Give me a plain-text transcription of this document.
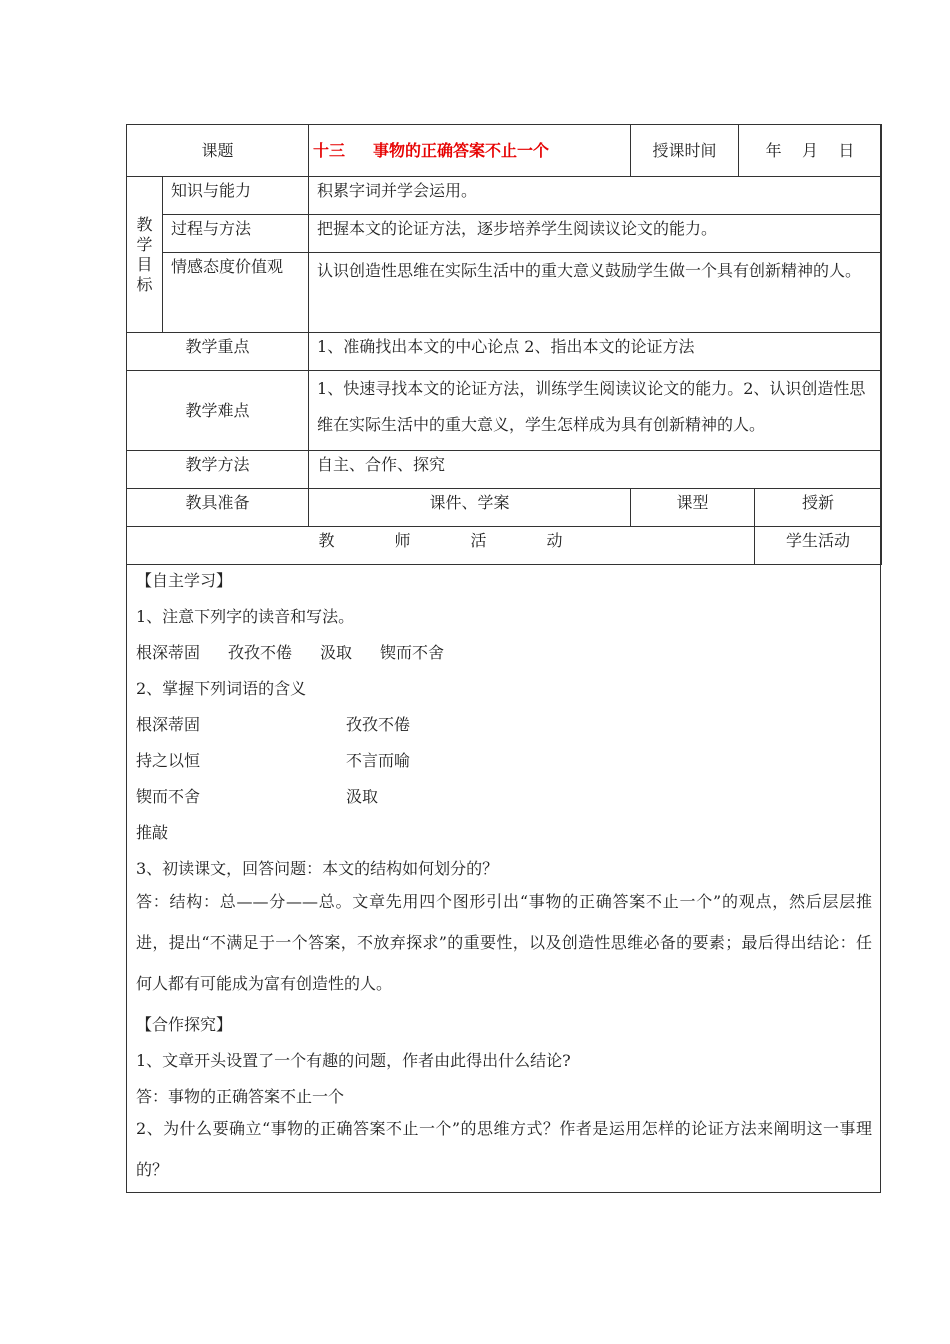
课题		十三 事物的正确答案不止一个	授课时间	年    月    日	

教
学
目
标	知识与能力	积累字词并学会运用。			
	过程与方法	把握本文的论证方法，逐步培养学生阅读议论文的能力。			
	情感态度价值观	认识创造性思维在实际生活中的重大意义鼓励学生做一个具有创新精神的人。			
教学重点		1、准确找出本文的中心论点 2、指出本文的论证方法			
教学难点		1、快速寻找本文的论证方法，训练学生阅读议论文的能力。2、认识创造性思维在实际生活中的重大意义，学生怎样成为具有创新精神的人。			
教学方法		自主、合作、探究			
教具准备		课件、学案	课型		授新
教 师 活 动					学生活动
【自主学习】
1、注意下列字的读音和写法。
根深蒂固 孜孜不倦 汲取 锲而不舍
2、掌握下列词语的含义
根深蒂固	孜孜不倦
持之以恒	不言而喻
锲而不舍	汲取
推敲
3、初读课文，回答问题：本文的结构如何划分的？
答：结构：总——分——总。文章先用四个图形引出“事物的正确答案不止一个”的观点，然后层层推进，提出“不满足于一个答案，不放弃探求”的重要性，以及创造性思维必备的要素；最后得出结论：任何人都有可能成为富有创造性的人。
【合作探究】
1、文章开头设置了一个有趣的问题，作者由此得出什么结论?
答：事物的正确答案不止一个
2、为什么要确立“事物的正确答案不止一个”的思维方式？作者是运用怎样的论证方法来阐明这一事理的？
